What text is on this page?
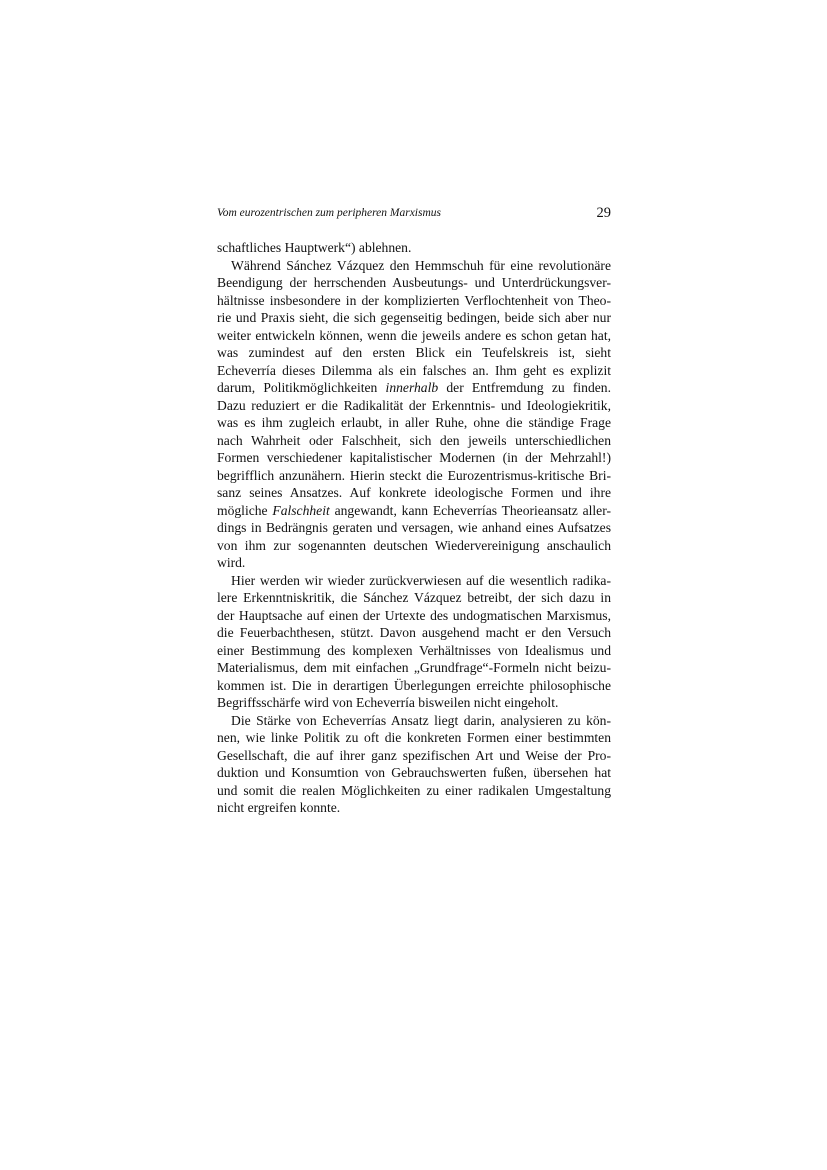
Vom eurozentrischen zum peripheren Marxismus	29
schaftliches Hauptwerk“) ablehnen.
Während Sánchez Vázquez den Hemmschuh für eine revolutionäre
Beendigung der herrschenden Ausbeutungs- und Unterdrückungsver-
hältnisse insbesondere in der komplizierten Verflochtenheit von Theo-
rie und Praxis sieht, die sich gegenseitig bedingen, beide sich aber nur
weiter entwickeln können, wenn die jeweils andere es schon getan hat,
was zumindest auf den ersten Blick ein Teufelskreis ist, sieht
Echeverría dieses Dilemma als ein falsches an. Ihm geht es explizit
darum, Politikmöglichkeiten innerhalb der Entfremdung zu finden.
Dazu reduziert er die Radikalität der Erkenntnis- und Ideologiekritik,
was es ihm zugleich erlaubt, in aller Ruhe, ohne die ständige Frage
nach Wahrheit oder Falschheit, sich den jeweils unterschiedlichen
Formen verschiedener kapitalistischer Modernen (in der Mehrzahl!)
begrifflich anzunähern. Hierin steckt die Eurozentrismus-kritische Bri-
sanz seines Ansatzes. Auf konkrete ideologische Formen und ihre
mögliche Falschheit angewandt, kann Echeverrías Theorieansatz aller-
dings in Bedrängnis geraten und versagen, wie anhand eines Aufsatzes
von ihm zur sogenannten deutschen Wiedervereinigung anschaulich
wird.
Hier werden wir wieder zurückverwiesen auf die wesentlich radika-
lere Erkenntniskritik, die Sánchez Vázquez betreibt, der sich dazu in
der Hauptsache auf einen der Urtexte des undogmatischen Marxismus,
die Feuerbachthesen, stützt. Davon ausgehend macht er den Versuch
einer Bestimmung des komplexen Verhältnisses von Idealismus und
Materialismus, dem mit einfachen „Grundfrage“-Formeln nicht beizu-
kommen ist. Die in derartigen Überlegungen erreichte philosophische
Begriffsschärfe wird von Echeverría bisweilen nicht eingeholt.
Die Stärke von Echeverrías Ansatz liegt darin, analysieren zu kön-
nen, wie linke Politik zu oft die konkreten Formen einer bestimmten
Gesellschaft, die auf ihrer ganz spezifischen Art und Weise der Pro-
duktion und Konsumtion von Gebrauchswerten fußen, übersehen hat
und somit die realen Möglichkeiten zu einer radikalen Umgestaltung
nicht ergreifen konnte.
